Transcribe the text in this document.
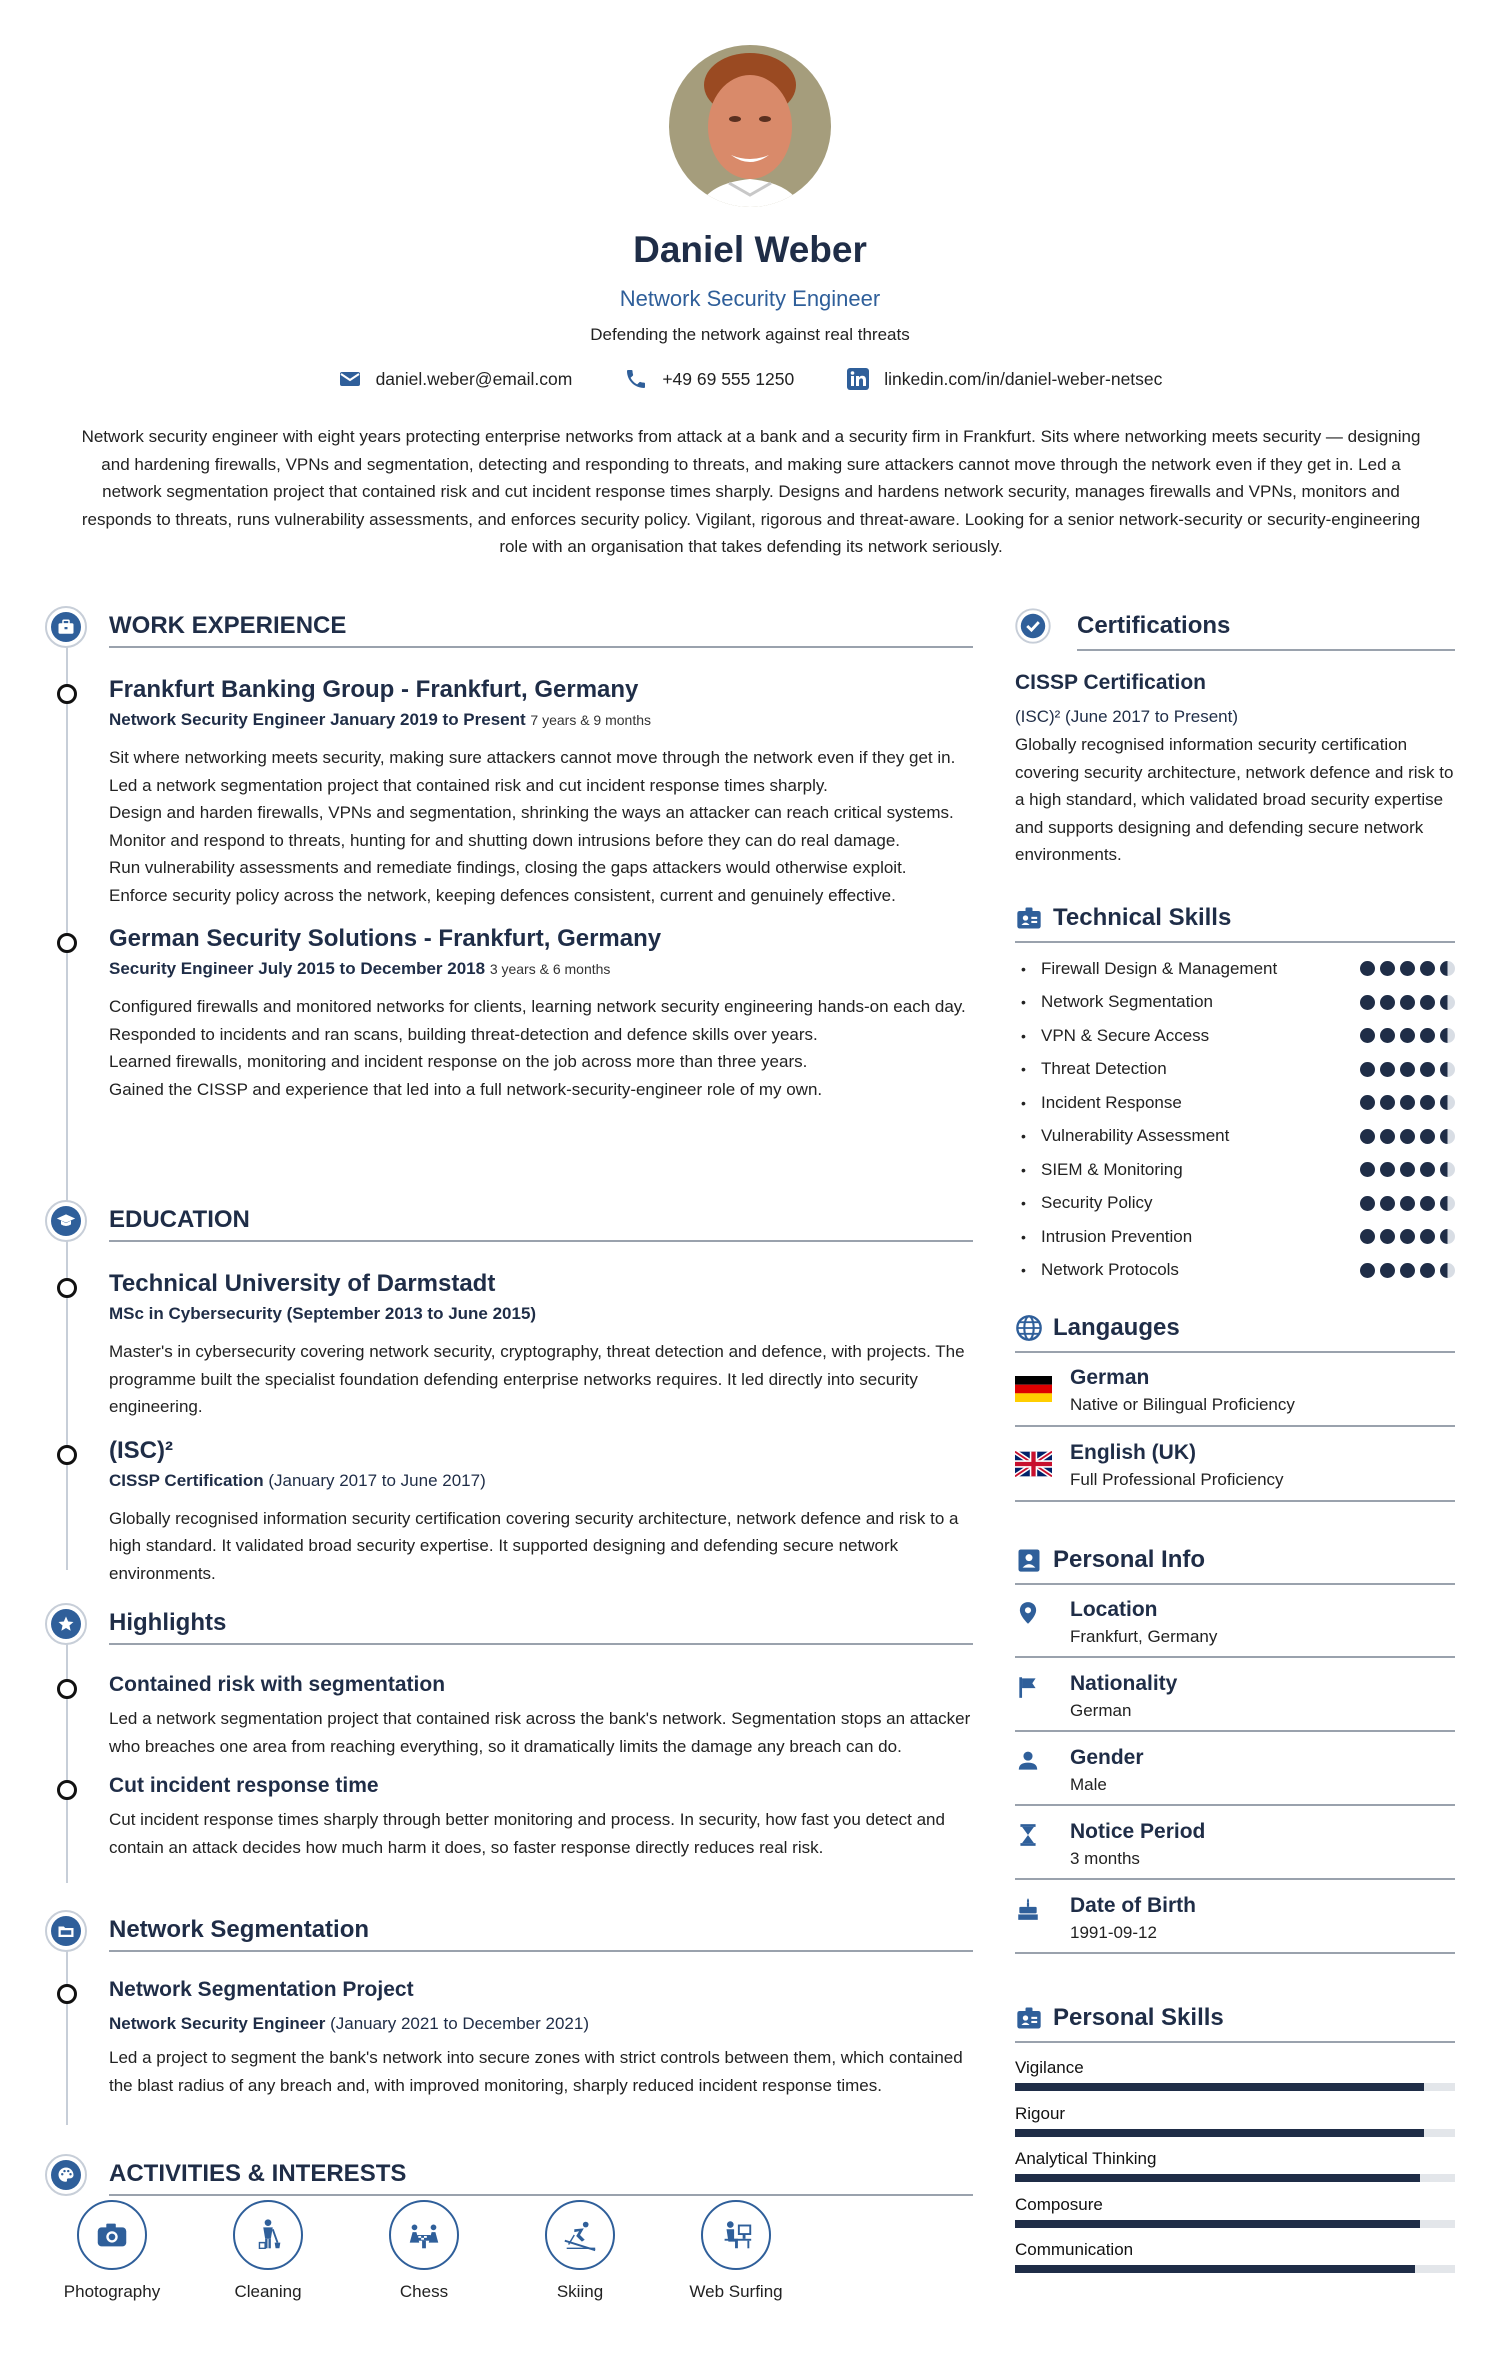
Daniel Weber
Network Security Engineer
Defending the network against real threats
daniel.weber@email.com	+49 69 555 1250	linkedin.com/in/daniel-weber-netsec
Network security engineer with eight years protecting enterprise networks from attack at a bank and a security firm in Frankfurt. Sits where networking meets security — designing and hardening firewalls, VPNs and segmentation, detecting and responding to threats, and making sure attackers cannot move through the network even if they get in. Led a network segmentation project that contained risk and cut incident response times sharply. Designs and hardens network security, manages firewalls and VPNs, monitors and responds to threats, runs vulnerability assessments, and enforces security policy. Vigilant, rigorous and threat-aware. Looking for a senior network-security or security-engineering role with an organisation that takes defending its network seriously.
WORK EXPERIENCE
Frankfurt Banking Group - Frankfurt, Germany
Network Security Engineer January 2019 to Present 7 years & 9 months

Sit where networking meets security, making sure attackers cannot move through the network even if they get in.

Led a network segmentation project that contained risk and cut incident response times sharply.

Design and harden firewalls, VPNs and segmentation, shrinking the ways an attacker can reach critical systems.

Monitor and respond to threats, hunting for and shutting down intrusions before they can do real damage.

Run vulnerability assessments and remediate findings, closing the gaps attackers would otherwise exploit.

Enforce security policy across the network, keeping defences consistent, current and genuinely effective.

German Security Solutions - Frankfurt, Germany
Security Engineer July 2015 to December 2018 3 years & 6 months

Configured firewalls and monitored networks for clients, learning network security engineering hands-on each day.

Responded to incidents and ran scans, building threat-detection and defence skills over years.

Learned firewalls, monitoring and incident response on the job across more than three years.

Gained the CISSP and experience that led into a full network-security-engineer role of my own.

EDUCATION
Technical University of Darmstadt
MSc in Cybersecurity (September 2013 to June 2015)
Master's in cybersecurity covering network security, cryptography, threat detection and defence, with projects. The programme built the specialist foundation defending enterprise networks requires. It led directly into security engineering.
(ISC)²
CISSP Certification (January 2017 to June 2017)
Globally recognised information security certification covering security architecture, network defence and risk to a high standard. It validated broad security expertise. It supported designing and defending secure network environments.
Highlights
Contained risk with segmentation
Led a network segmentation project that contained risk across the bank's network. Segmentation stops an attacker who breaches one area from reaching everything, so it dramatically limits the damage any breach can do.
Cut incident response time
Cut incident response times sharply through better monitoring and process. In security, how fast you detect and contain an attack decides how much harm it does, so faster response directly reduces real risk.
Network Segmentation
Network Segmentation Project
Network Security Engineer (January 2021 to December 2021)
Led a project to segment the bank's network into secure zones with strict controls between them, which contained the blast radius of any breach and, with improved monitoring, sharply reduced incident response times.
ACTIVITIES & INTERESTS
Photography	Cleaning	Chess	Skiing	Web Surfing
Certifications
CISSP Certification
(ISC)² (June 2017 to Present)
Globally recognised information security certification covering security architecture, network defence and risk to a high standard, which validated broad security expertise and supports designing and defending secure network environments.
Technical Skills
• Firewall Design & Management
• Network Segmentation
• VPN & Secure Access
• Threat Detection
• Incident Response
• Vulnerability Assessment
• SIEM & Monitoring
• Security Policy
• Intrusion Prevention
• Network Protocols
Langauges
German
Native or Bilingual Proficiency
English (UK)
Full Professional Proficiency
Personal Info
Location
Frankfurt, Germany
Nationality
German
Gender
Male
Notice Period
3 months
Date of Birth
1991-09-12
Personal Skills
Vigilance
Rigour
Analytical Thinking
Composure
Communication
